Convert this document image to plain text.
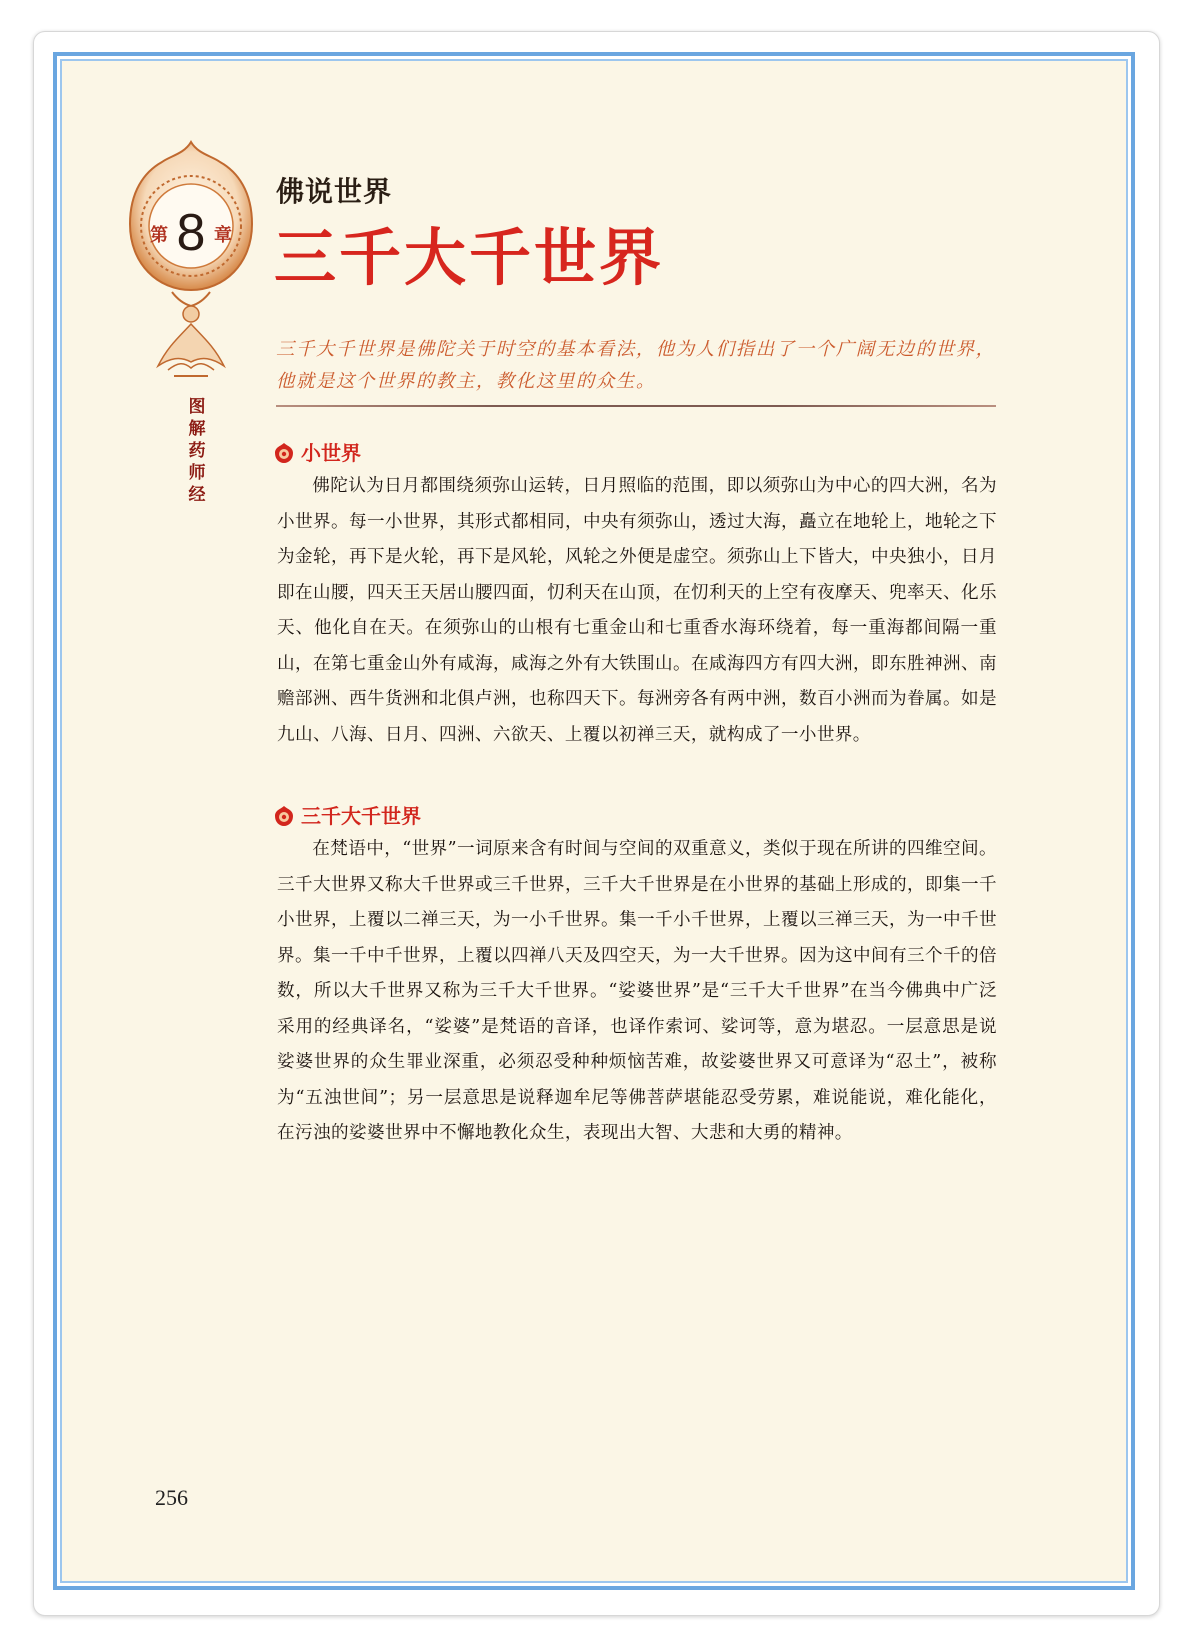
第 8 章
图
解
药
师
经
佛说世界
三千大千世界
三千大千世界是佛陀关于时空的基本看法，他为人们指出了一个广阔无边的世界，他就是这个世界的教主，教化这里的众生。
小世界
佛陀认为日月都围绕须弥山运转，日月照临的范围，即以须弥山为中心的四大洲，名为小世界。每一小世界，其形式都相同，中央有须弥山，透过大海，矗立在地轮上，地轮之下为金轮，再下是火轮，再下是风轮，风轮之外便是虚空。须弥山上下皆大，中央独小，日月即在山腰，四天王天居山腰四面，忉利天在山顶，在忉利天的上空有夜摩天、兜率天、化乐天、他化自在天。在须弥山的山根有七重金山和七重香水海环绕着，每一重海都间隔一重山，在第七重金山外有咸海，咸海之外有大铁围山。在咸海四方有四大洲，即东胜神洲、南赡部洲、西牛货洲和北俱卢洲，也称四天下。每洲旁各有两中洲，数百小洲而为眷属。如是九山、八海、日月、四洲、六欲天、上覆以初禅三天，就构成了一小世界。
三千大千世界
在梵语中，“世界”一词原来含有时间与空间的双重意义，类似于现在所讲的四维空间。三千大世界又称大千世界或三千世界，三千大千世界是在小世界的基础上形成的，即集一千小世界，上覆以二禅三天，为一小千世界。集一千小千世界，上覆以三禅三天，为一中千世界。集一千中千世界，上覆以四禅八天及四空天，为一大千世界。因为这中间有三个千的倍数，所以大千世界又称为三千大千世界。“娑婆世界”是“三千大千世界”在当今佛典中广泛采用的经典译名，“娑婆”是梵语的音译，也译作索诃、娑诃等，意为堪忍。一层意思是说娑婆世界的众生罪业深重，必须忍受种种烦恼苦难，故娑婆世界又可意译为“忍土”，被称为“五浊世间”；另一层意思是说释迦牟尼等佛菩萨堪能忍受劳累，难说能说，难化能化，在污浊的娑婆世界中不懈地教化众生，表现出大智、大悲和大勇的精神。
256
